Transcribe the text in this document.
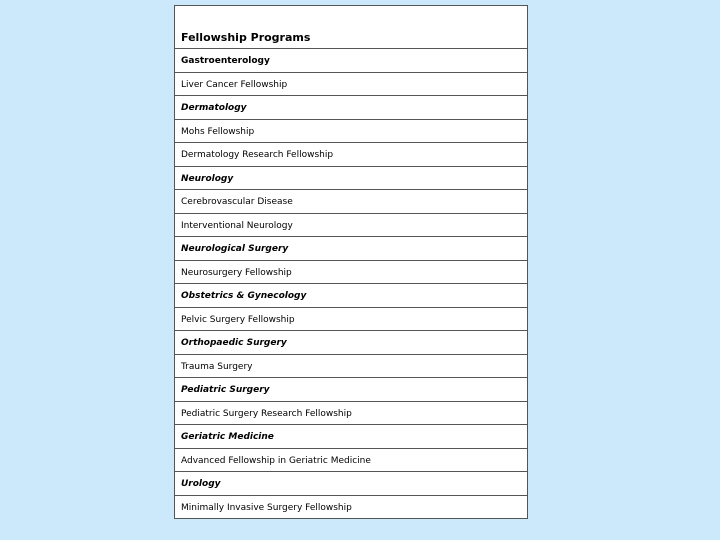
Fellowship Programs
Gastroenterology
Liver Cancer Fellowship
Dermatology
Mohs Fellowship
Dermatology Research Fellowship
Neurology
Cerebrovascular Disease
Interventional Neurology
Neurological Surgery
Neurosurgery Fellowship
Obstetrics & Gynecology
Pelvic Surgery Fellowship
Orthopaedic Surgery
Trauma Surgery
Pediatric Surgery
Pediatric Surgery Research Fellowship
Geriatric Medicine
Advanced Fellowship in Geriatric Medicine
Urology
Minimally Invasive Surgery Fellowship
